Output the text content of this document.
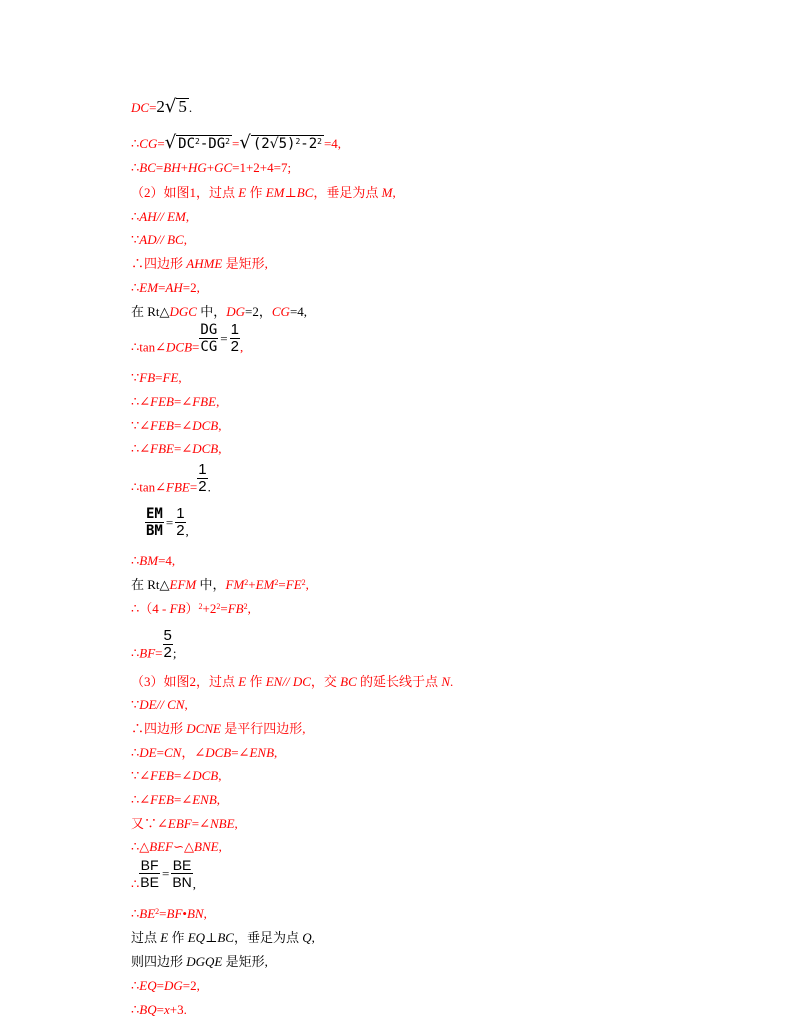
DC=2√ 5 .
∴CG=√ $DC^2-DG^2$ =√ $(2√5)^2-2^2 =4$,
∴BC=BH+HG+GC=1+2+4=7;
（2）如图1，过点 E 作 EM⊥BC，垂足为点 M,
∴AH// EM,
∵AD// BC,
∴四边形 AHME 是矩形,
∴EM=AH=2,
在 Rt△DGC 中，DG=2，CG=4,
∴tan∠DCB= $\frac{DG}{CG} = \frac{1}{2}$ ,
∵FB=FE,
∴∠FEB=∠FBE,
∵∠FEB=∠DCB,
∴∠FBE=∠DCB,
∴tan∠FBE= $\frac{1}{2}$ .
$\frac{EM}{BM} = \frac{1}{2}$ ,
∴BM=4,
在 Rt△EFM 中，$FM^2+EM^2=FE^2$,
∴（4 - $FB)^2+2^2=FB^2$,
∴BF= $\frac{5}{2}$ ;
（3）如图2，过点 E 作 EN// DC，交 BC 的延长线于点 N.
∵DE// CN,
∴四边形 DCNE 是平行四边形,
∴DE=CN，∠DCB=∠ENB,
∵∠FEB=∠DCB,
∴∠FEB=∠ENB,
又∵∠EBF=∠NBE,
∴△BEF∽△BNE,
∴ $\frac{BF}{BE} = \frac{BE}{BN}$ ,
$\therefore BE^2=BF•BN$,
过点 E 作 EQ⊥BC，垂足为点 Q,
则四边形 DGQE 是矩形,
∴EQ=DG=2,
∴BQ=x+3.
